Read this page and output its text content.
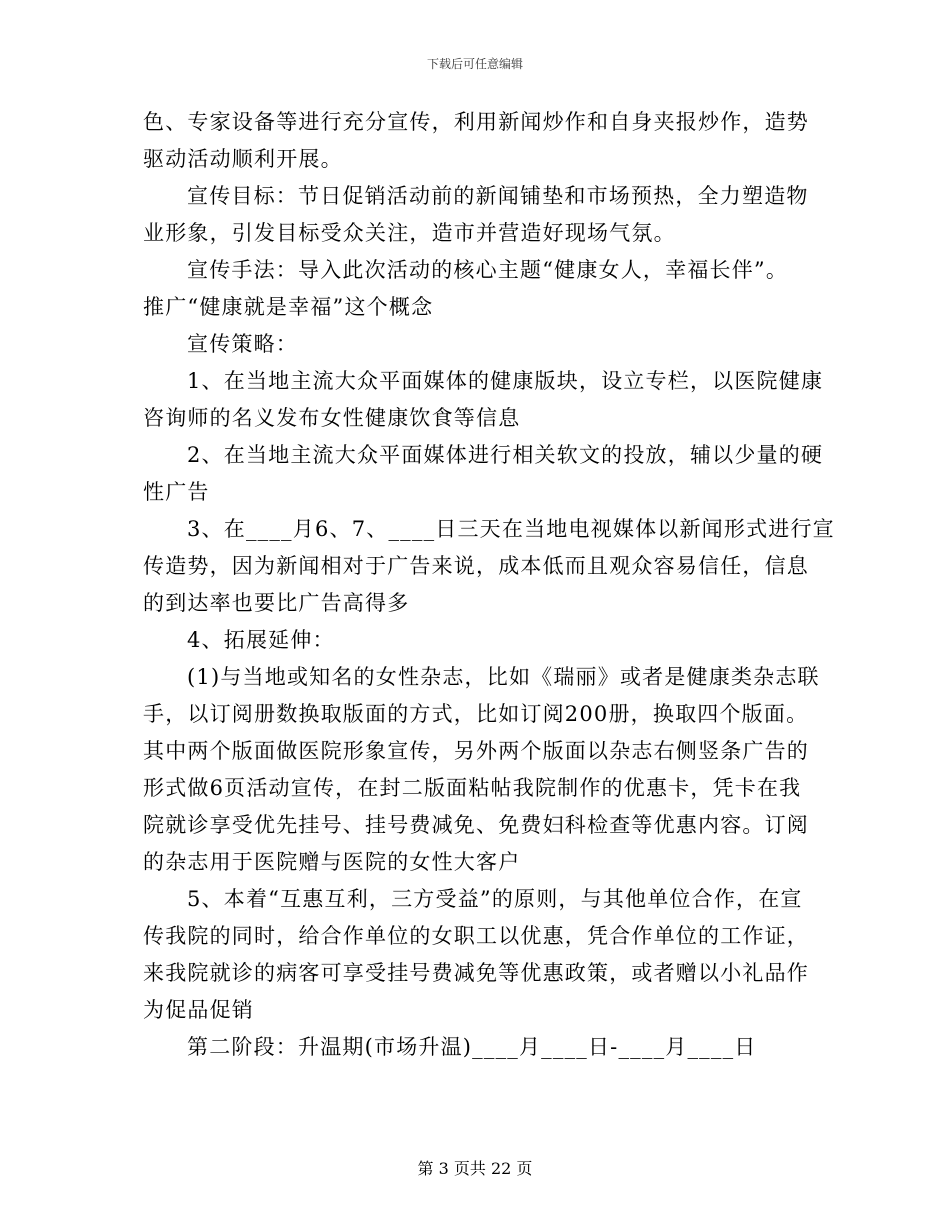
下载后可任意编辑
色、专家设备等进行充分宣传，利用新闻炒作和自身夹报炒作，造势
驱动活动顺利开展。
宣传目标：节日促销活动前的新闻铺垫和市场预热，全力塑造物
业形象，引发目标受众关注，造市并营造好现场气氛。
宣传手法：导入此次活动的核心主题“健康女人，幸福长伴”。
推广“健康就是幸福”这个概念
宣传策略：
1、在当地主流大众平面媒体的健康版块，设立专栏，以医院健康
咨询师的名义发布女性健康饮食等信息
2、在当地主流大众平面媒体进行相关软文的投放，辅以少量的硬
性广告
3、在____月6、7、____日三天在当地电视媒体以新闻形式进行宣
传造势，因为新闻相对于广告来说，成本低而且观众容易信任，信息
的到达率也要比广告高得多
4、拓展延伸：
(1)与当地或知名的女性杂志，比如《瑞丽》或者是健康类杂志联
手，以订阅册数换取版面的方式，比如订阅200册，换取四个版面。
其中两个版面做医院形象宣传，另外两个版面以杂志右侧竖条广告的
形式做6页活动宣传，在封二版面粘帖我院制作的优惠卡，凭卡在我
院就诊享受优先挂号、挂号费减免、免费妇科检查等优惠内容。订阅
的杂志用于医院赠与医院的女性大客户
5、本着“互惠互利，三方受益”的原则，与其他单位合作，在宣
传我院的同时，给合作单位的女职工以优惠，凭合作单位的工作证，
来我院就诊的病客可享受挂号费减免等优惠政策，或者赠以小礼品作
为促品促销
第二阶段：升温期(市场升温)____月____日-____月____日
第 3 页共 22 页
